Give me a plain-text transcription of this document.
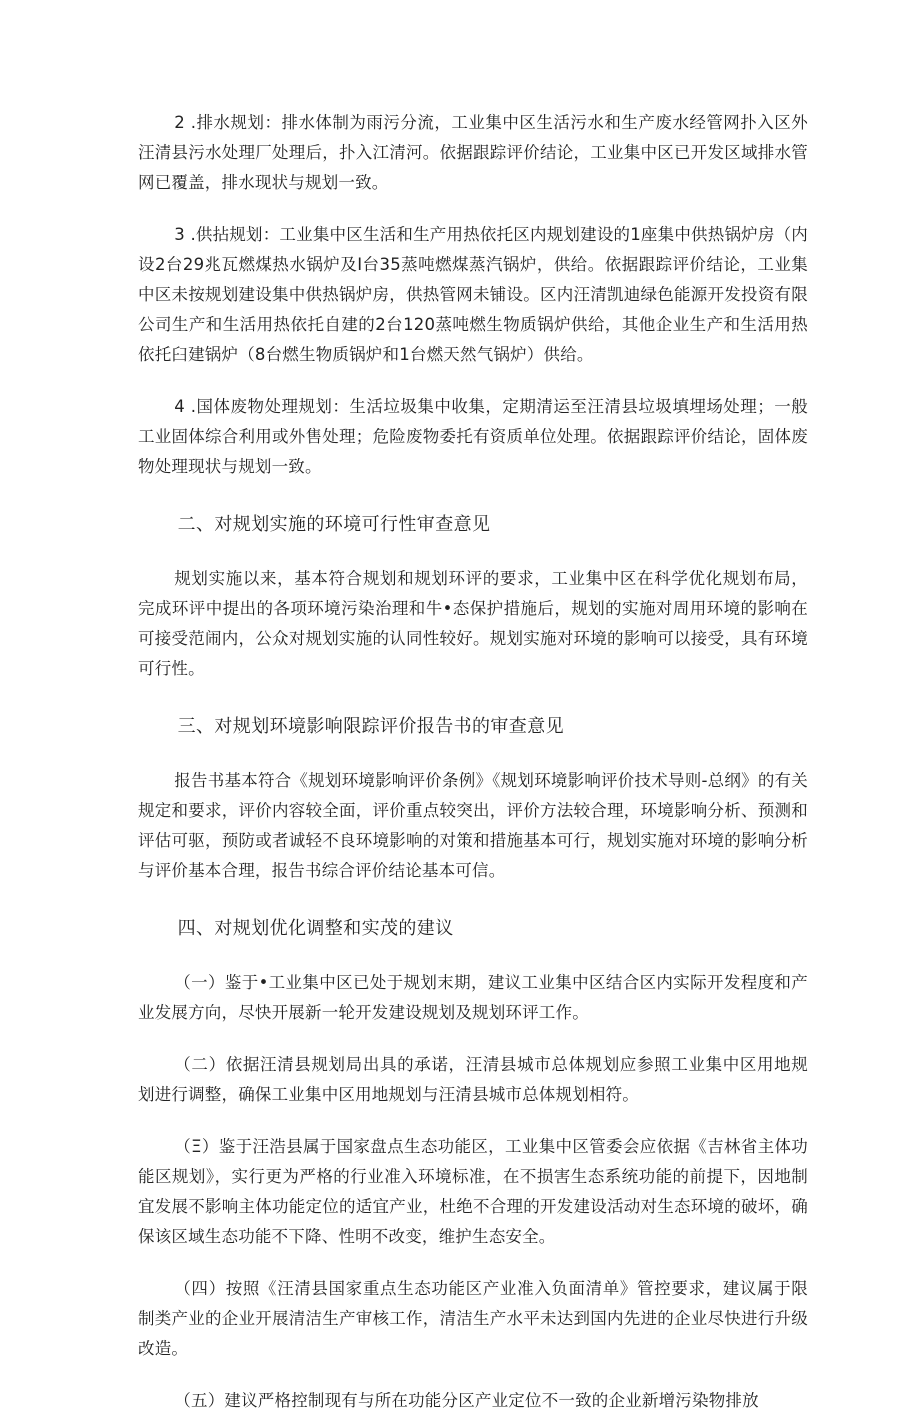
2 .排水规划：排水体制为雨污分流，工业集中区生活污水和生产废水经管网扑入区外汪清县污水处理厂处理后，扑入江清河。依据跟踪评价结论，工业集中区已开发区域排水管网已覆盖，排水现状与规划一致。

3 .供拈规划：工业集中区生活和生产用热依托区内规划建设的1座集中供热锅炉房（内设2台29兆瓦燃煤热水锅炉及I台35蒸吨燃煤蒸汽锅炉，供给。依据跟踪评价结论，工业集中区未按规划建设集中供热锅炉房，供热管网未铺设。区内汪清凯迪绿色能源开发投资有限公司生产和生活用热依托自建的2台120蒸吨燃生物质锅炉供给，其他企业生产和生活用热依托臼建锅炉（8台燃生物质锅炉和1台燃天然气锅炉）供给。

4 .国体废物处理规划：生活垃圾集中收集，定期清运至汪清县垃圾填埋场处理；一般工业固体综合利用或外售处理；危险废物委托有资质单位处理。依据跟踪评价结论，固体废物处理现状与规划一致。

二、对规划实施的环境可行性审查意见

规划实施以来，基本符合规划和规划环评的要求，工业集中区在科学优化规划布局，完成环评中提出的各项环境污染治理和牛•态保护措施后，规划的实施对周用环境的影响在可接受范闹内，公众对规划实施的认同性较好。规划实施对环境的影响可以接受，具有环境可行性。

三、对规划环境影响限踪评价报告书的审查意见

报告书基本符合《规划环境影响评价条例》《规划环境影响评价技术导则-总纲》的有关规定和要求，评价内容较全面，评价重点较突出，评价方法较合理，环境影响分析、预测和评估可驱，预防或者诚轻不良环境影响的对策和措施基本可行，规划实施对环境的影响分析与评价基本合理，报告书综合评价结论基本可信。

四、对规划优化调整和实茂的建议

（一）鉴于•工业集中区已处于规划末期，建议工业集中区结合区内实际开发程度和产业发展方向，尽快开展新一轮开发建设规划及规划环评工作。

（二）依据汪清县规划局出具的承诺，汪清县城市总体规划应参照工业集中区用地规划进行调整，确保工业集中区用地规划与汪清县城市总体规划相符。

（Ξ）鉴于汪浩县属于国家盘点生态功能区，工业集中区管委会应依据《吉林省主体功能区规划》，实行更为严格的行业准入环境标准，在不损害生态系统功能的前提下，因地制宜发展不影响主体功能定位的适宜产业，杜绝不合理的开发建设活动对生态环境的破坏，确保该区域生态功能不下降、性明不改变，维护生态安全。

（四）按照《汪清县国家重点生态功能区产业准入负面清单》管控要求，建议属于限制类产业的企业开展清洁生产审核工作，清洁生产水平未达到国内先进的企业尽快进行升级改造。

（五）建议严格控制现有与所在功能分区产业定位不一致的企业新增污染物排放
